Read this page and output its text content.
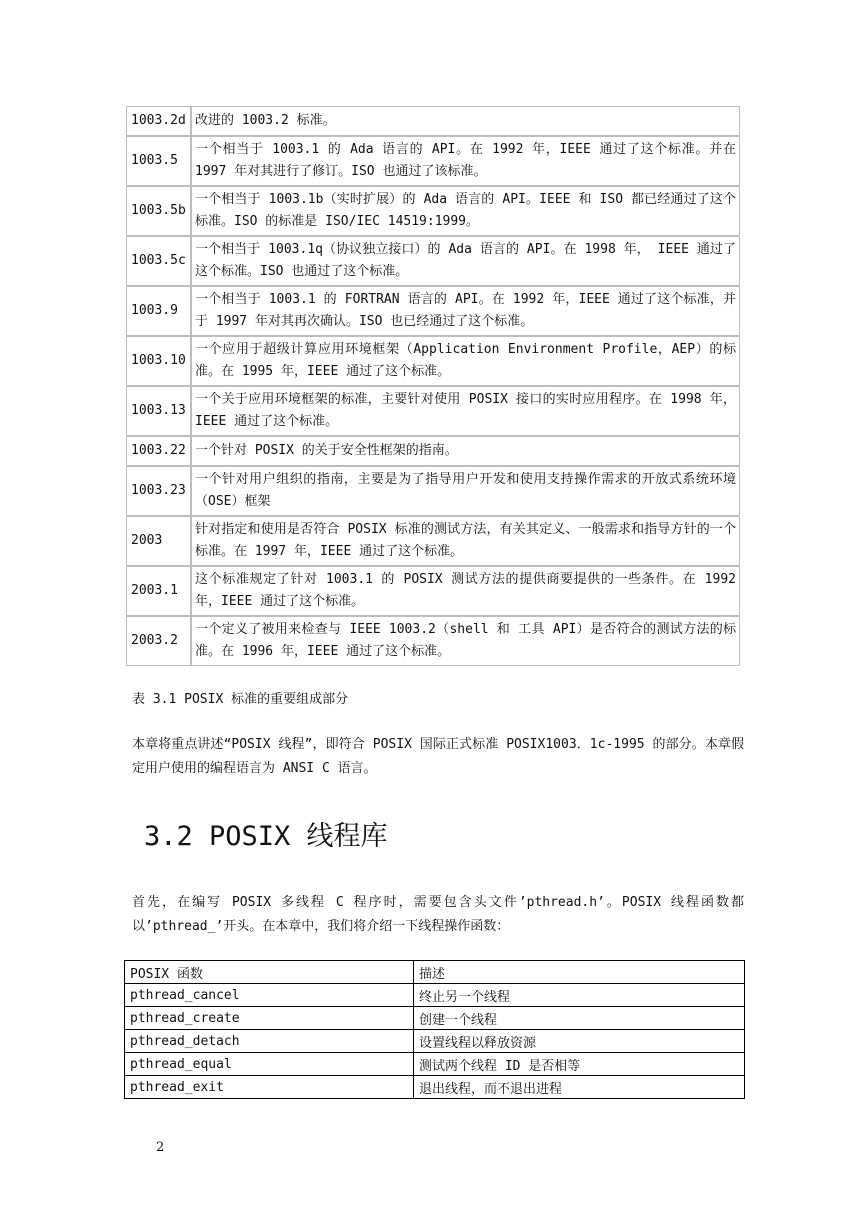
1003.2d	改进的 1003.2 标准。
1003.5	一个相当于 1003.1 的 Ada 语言的 API。在 1992 年，IEEE 通过了这个标准。并在 1997 年对其进行了修订。ISO 也通过了该标准。
1003.5b	一个相当于 1003.1b（实时扩展）的 Ada 语言的 API。IEEE 和 ISO 都已经通过了这个标准。ISO 的标准是 ISO/IEC 14519:1999。
1003.5c	一个相当于 1003.1q（协议独立接口）的 Ada 语言的 API。在 1998 年， IEEE 通过了这个标准。ISO 也通过了这个标准。
1003.9	一个相当于 1003.1 的 FORTRAN 语言的 API。在 1992 年，IEEE 通过了这个标准，并于 1997 年对其再次确认。ISO 也已经通过了这个标准。
1003.10	一个应用于超级计算应用环境框架（Application Environment Profile，AEP）的标准。在 1995 年，IEEE 通过了这个标准。
1003.13	一个关于应用环境框架的标准，主要针对使用 POSIX 接口的实时应用程序。在 1998 年，IEEE 通过了这个标准。
1003.22	一个针对 POSIX 的关于安全性框架的指南。
1003.23	一个针对用户组织的指南，主要是为了指导用户开发和使用支持操作需求的开放式系统环境（OSE）框架
2003	针对指定和使用是否符合 POSIX 标准的测试方法，有关其定义、一般需求和指导方针的一个标准。在 1997 年，IEEE 通过了这个标准。
2003.1	这个标准规定了针对 1003.1 的 POSIX 测试方法的提供商要提供的一些条件。在 1992 年，IEEE 通过了这个标准。
2003.2	一个定义了被用来检查与 IEEE 1003.2（shell 和 工具 API）是否符合的测试方法的标准。在 1996 年，IEEE 通过了这个标准。
表 3.1 POSIX 标准的重要组成部分

本章将重点讲述“POSIX 线程”，即符合 POSIX 国际正式标准 POSIX1003．1c-1995 的部分。本章假定用户使用的编程语言为 ANSI C 语言。

3.2 POSIX 线程库

首先，在编写 POSIX 多线程 C 程序时，需要包含头文件’pthread.h’。POSIX 线程函数都以’pthread_’开头。在本章中，我们将介绍一下线程操作函数：

POSIX 函数	描述
pthread_cancel	终止另一个线程
pthread_create	创建一个线程
pthread_detach	设置线程以释放资源
pthread_equal	测试两个线程 ID 是否相等
pthread_exit	退出线程，而不退出进程
2
